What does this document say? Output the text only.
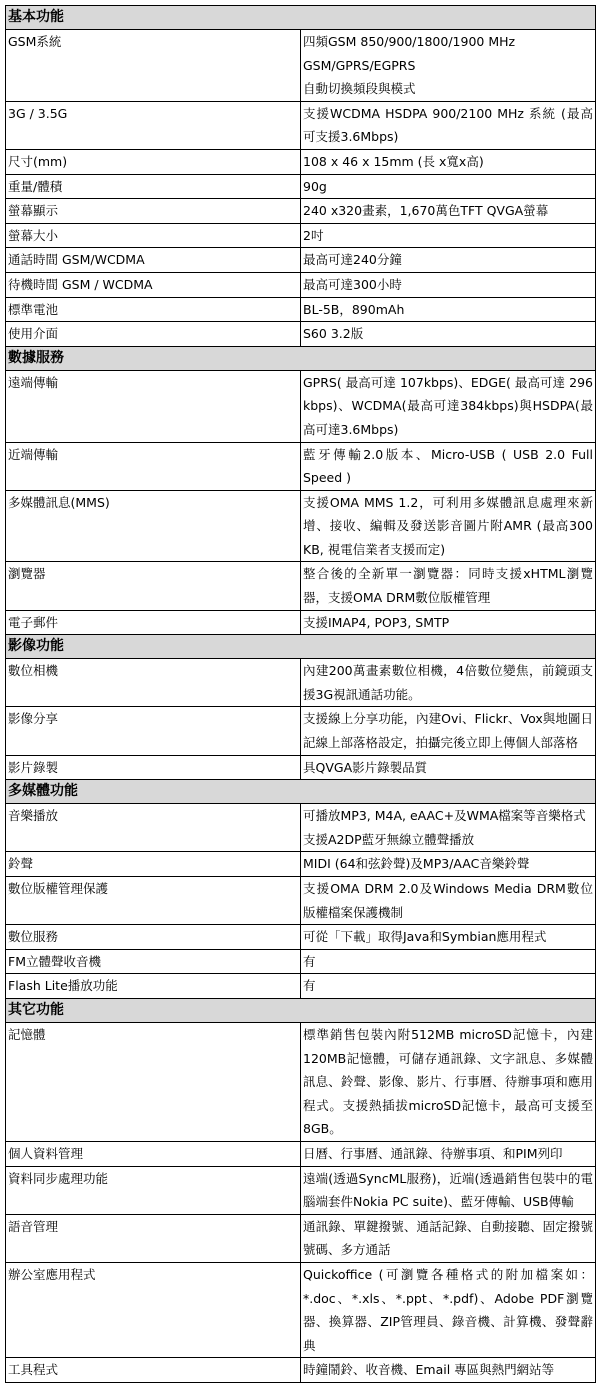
基本功能	
GSM系統	四頻GSM 850/900/1800/1900 MHz
GSM/GPRS/EGPRS
自動切換頻段與模式

3G / 3.5G	支援WCDMA HSDPA 900/2100 MHz 系統 (最高可支援3.6Mbps)

尺寸(mm)	108 x 46 x 15mm (長 x寬x高)

重量/體積	90g

螢幕顯示	240 x320畫素，1,670萬色TFT QVGA螢幕

螢幕大小	2吋

通話時間 GSM/WCDMA	最高可達240分鐘

待機時間 GSM / WCDMA	最高可達300小時

標準電池	BL-5B，890mAh

使用介面	S60 3.2版

數據服務	
遠端傳輸	GPRS( 最高可達 107kbps)、EDGE( 最高可達 296 kbps)、WCDMA(最高可達384kbps)與HSDPA(最高可達3.6Mbps)

近端傳輸	藍牙傳輸2.0版本、Micro-USB ( USB 2.0 Full Speed )

多媒體訊息(MMS)	支援OMA MMS 1.2，可利用多媒體訊息處理來新增、接收、編輯及發送影音圖片附AMR (最高300 KB, 視電信業者支援而定)

瀏覽器	整合後的全新單一瀏覽器：同時支援xHTML瀏覽器，支援OMA DRM數位版權管理

電子郵件	支援IMAP4, POP3, SMTP

影像功能	
數位相機	內建200萬畫素數位相機，4倍數位變焦，前鏡頭支援3G視訊通話功能。

影像分享	支援線上分享功能，內建Ovi、Flickr、Vox與地圖日記線上部落格設定，拍攝完後立即上傳個人部落格

影片錄製	具QVGA影片錄製品質

多媒體功能	
音樂播放	可播放MP3, M4A, eAAC+及WMA檔案等音樂格式
支援A2DP藍牙無線立體聲播放

鈴聲	MIDI (64和弦鈴聲)及MP3/AAC音樂鈴聲

數位版權管理保護	支援OMA DRM 2.0及Windows Media DRM數位版權檔案保護機制

數位服務	可從「下載」取得Java和Symbian應用程式

FM立體聲收音機	有

Flash Lite播放功能	有

其它功能	
記憶體	標準銷售包裝內附512MB microSD記憶卡，內建120MB記憶體，可儲存通訊錄、文字訊息、多媒體訊息、鈴聲、影像、影片、行事曆、待辦事項和應用程式。支援熱插拔microSD記憶卡，最高可支援至8GB。

個人資料管理	日曆、行事曆、通訊錄、待辦事項、和PIM列印

資料同步處理功能	遠端(透過SyncML服務)，近端(透過銷售包裝中的電腦端套件Nokia PC suite)、藍牙傳輸、USB傳輸

語音管理	通訊錄、單鍵撥號、通話記錄、自動接聽、固定撥號號碼、多方通話

辦公室應用程式	Quickoffice (可瀏覽各種格式的附加檔案如：*.doc、*.xls、*.ppt、*.pdf)、Adobe PDF瀏覽器、換算器、ZIP管理員、錄音機、計算機、發聲辭典

工具程式	時鐘鬧鈴、收音機、Email 專區與熱門網站等
